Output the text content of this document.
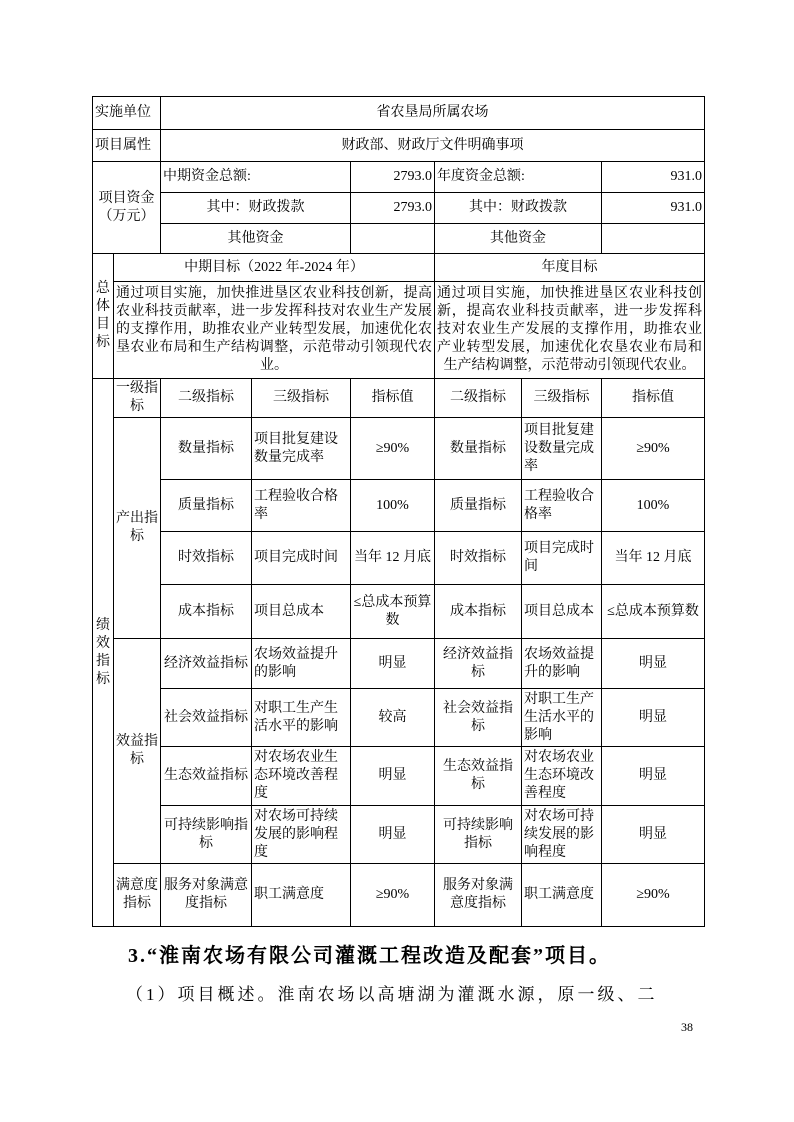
实施单位		省农垦局所属农场					
项目属性		财政部、财政厅文件明确事项					
项目资金（万元）		中期资金总额:		2793.0	年度资金总额:		931.0
		其中：财政拨款		2793.0	其中：财政拨款		931.0
		其他资金			其他资金		
总体目标	中期目标（2022 年-2024 年）				年度目标		
	通过项目实施，加快推进垦区农业科技创新，提高农业科技贡献率，进一步发挥科技对农业生产发展的支撑作用，助推农业产业转型发展，加速优化农垦农业布局和生产结构调整，示范带动引领现代农业。				通过项目实施，加快推进垦区农业科技创新，提高农业科技贡献率，进一步发挥科技对农业生产发展的支撑作用，助推农业产业转型发展，加速优化农垦农业布局和生产结构调整，示范带动引领现代农业。		
绩效指标	一级指标	二级指标	三级指标	指标值	二级指标	三级指标	指标值
	产出指标	数量指标	项目批复建设数量完成率	≥90%	数量指标	项目批复建设数量完成率	≥90%
		质量指标	工程验收合格率	100%	质量指标	工程验收合格率	100%
		时效指标	项目完成时间	当年 12 月底	时效指标	项目完成时间	当年 12 月底
		成本指标	项目总成本	≤总成本预算数	成本指标	项目总成本	≤总成本预算数
	效益指标	经济效益指标	农场效益提升的影响	明显	经济效益指标	农场效益提升的影响	明显
		社会效益指标	对职工生产生活水平的影响	较高	社会效益指标	对职工生产生活水平的影响	明显
		生态效益指标	对农场农业生态环境改善程度	明显	生态效益指标	对农场农业生态环境改善程度	明显
		可持续影响指标	对农场可持续发展的影响程度	明显	可持续影响指标	对农场可持续发展的影响程度	明显
	满意度指标	服务对象满意度指标	职工满意度	≥90%	服务对象满意度指标	职工满意度	≥90%

3.“淮南农场有限公司灌溉工程改造及配套”项目。

（1）项目概述。淮南农场以高塘湖为灌溉水源，原一级、二

38
